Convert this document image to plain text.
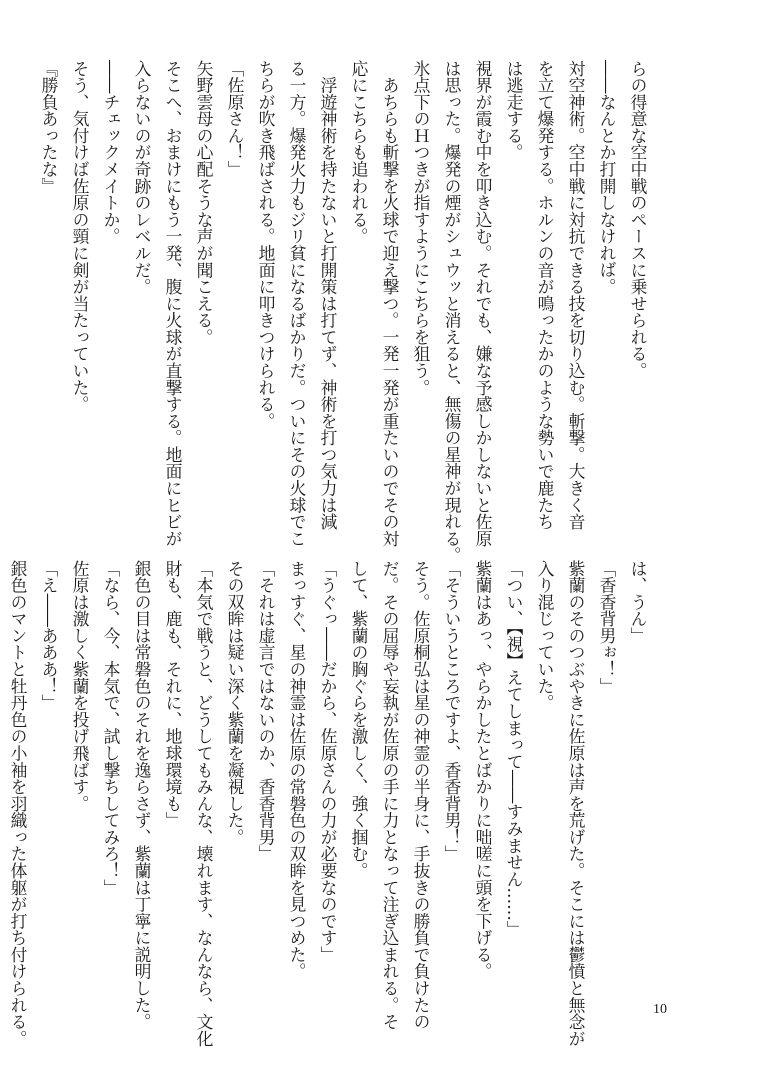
らの得意な空中戦のペースに乗せられる。

――なんとか打開しなければ。

対空神術。空中戦に対抗できる技を切り込む。斬撃。大きく音

を立て爆発する。ホルンの音が鳴ったかのような勢いで鹿たち

は逃走する。

視界が霞む中を叩き込む。それでも、嫌な予感しかしないと佐原

は思った。爆発の煙がシュウッと消えると、無傷の星神が現れる。

氷点下のＨつきが指すようにこちらを狙う。

　あちらも斬撃を火球で迎え撃つ。一発一発が重たいのでその対

応にこちらも追われる。

　浮遊神術を持たないと打開策は打てず、神術を打つ気力は減

る一方。爆発火力もジリ貧になるばかりだ。ついにその火球でこ

ちらが吹き飛ばされる。地面に叩きつけられる。

「佐原さん！」

矢野雲母の心配そうな声が聞こえる。

そこへ、おまけにもう一発、腹に火球が直撃する。地面にヒビが

入らないのが奇跡のレベルだ。

――チェックメイトか。

そう、気付けば佐原の頸に剣が当たっていた。

『勝負あったな』

は、うん」

「香香背男ぉ！」

紫蘭のそのつぶやきに佐原は声を荒げた。そこには鬱憤と無念が

入り混じっていた。

「つい、【視】えてしまって――すみません……」

紫蘭はあっ、やらかしたとばかりに咄嗟に頭を下げる。

「そういうところですよ、香香背男！」

そう。佐原桐弘は星の神霊の半身に、手抜きの勝負で負けたの

だ。その屈辱や妄執が佐原の手に力となって注ぎ込まれる。そ

して、紫蘭の胸ぐらを激しく、強く掴む。

「うぐっ――だから、佐原さんの力が必要なのです」

まっすぐ、星の神霊は佐原の常磐色の双眸を見つめた。

「それは虚言ではないのか、香香背男」

その双眸は疑い深く紫蘭を凝視した。

「本気で戦うと、どうしてもみんな、壊れます、なんなら、文化

財も、鹿も、それに、地球環境も」

銀色の目は常磐色のそれを逸らさず、紫蘭は丁寧に説明した。

「なら、今、本気で、試し撃ちしてみろ！」

佐原は激しく紫蘭を投げ飛ばす。

「え――あああ！」

銀色のマントと牡丹色の小袖を羽織った体躯が打ち付けられる。	10
